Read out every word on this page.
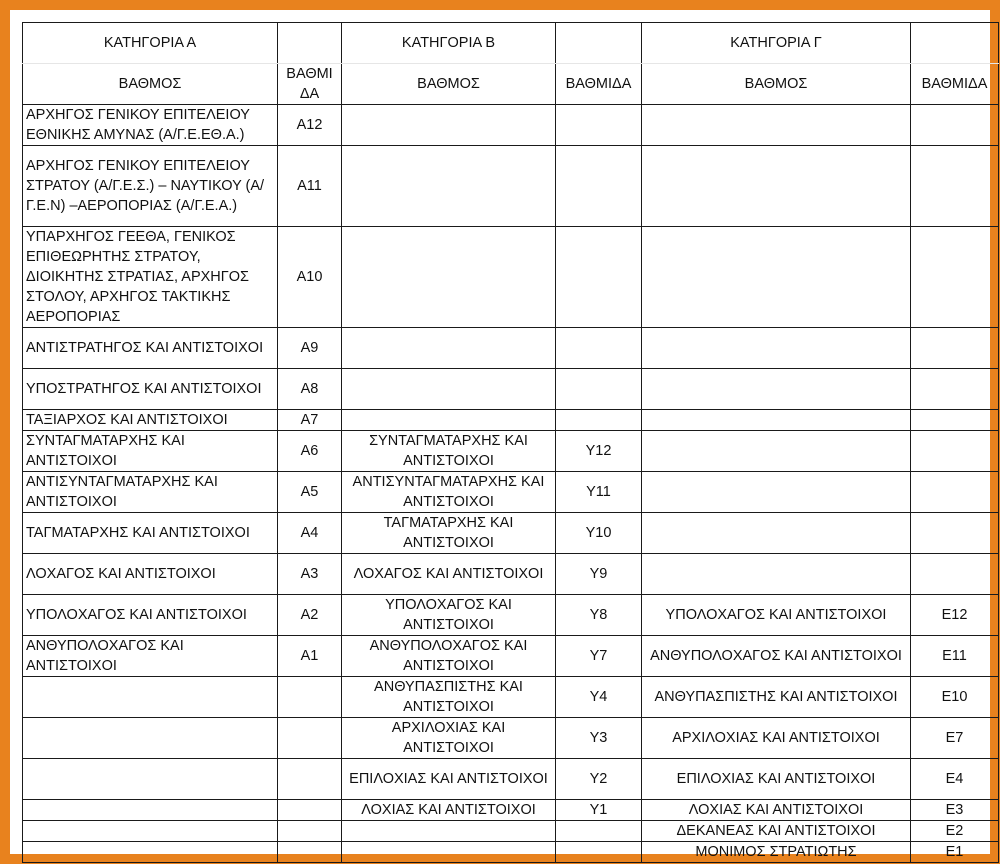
ΚΑΤΗΓΟΡΙΑ Α		ΚΑΤΗΓΟΡΙΑ Β		ΚΑΤΗΓΟΡΙΑ Γ	
ΒΑΘΜΟΣ	ΒΑΘΜΙ ΔΑ	ΒΑΘΜΟΣ	ΒΑΘΜΙΔΑ	ΒΑΘΜΟΣ	ΒΑΘΜΙΔΑ
ΑΡΧΗΓΟΣ ΓΕΝΙΚΟΥ ΕΠΙΤΕΛΕΙΟΥ ΕΘΝΙΚΗΣ ΑΜΥΝΑΣ (Α/Γ.Ε.ΕΘ.Α.)	Α12				
ΑΡΧΗΓΟΣ ΓΕΝΙΚΟΥ ΕΠΙΤΕΛΕΙΟΥ ΣΤΡΑΤΟΥ (Α/Γ.Ε.Σ.) – ΝΑΥΤΙΚΟΥ (Α/Γ.Ε.Ν) –ΑΕΡΟΠΟΡΙΑΣ (Α/Γ.Ε.Α.)	Α11				
ΥΠΑΡΧΗΓΟΣ ΓΕΕΘΑ, ΓΕΝΙΚΟΣ ΕΠΙΘΕΩΡΗΤΗΣ ΣΤΡΑΤΟΥ, ΔΙΟΙΚΗΤΗΣ ΣΤΡΑΤΙΑΣ, ΑΡΧΗΓΟΣ ΣΤΟΛΟΥ, ΑΡΧΗΓΟΣ ΤΑΚΤΙΚΗΣ ΑΕΡΟΠΟΡΙΑΣ	Α10				
ΑΝΤΙΣΤΡΑΤΗΓΟΣ ΚΑΙ ΑΝΤΙΣΤΟΙΧΟΙ	Α9				
ΥΠΟΣΤΡΑΤΗΓΟΣ ΚΑΙ ΑΝΤΙΣΤΟΙΧΟΙ	Α8				
ΤΑΞΙΑΡΧΟΣ ΚΑΙ ΑΝΤΙΣΤΟΙΧΟΙ	Α7				
ΣΥΝΤΑΓΜΑΤΑΡΧΗΣ ΚΑΙ ΑΝΤΙΣΤΟΙΧΟΙ	Α6	ΣΥΝΤΑΓΜΑΤΑΡΧΗΣ ΚΑΙ ΑΝΤΙΣΤΟΙΧΟΙ	Υ12		
ΑΝΤΙΣΥΝΤΑΓΜΑΤΑΡΧΗΣ ΚΑΙ ΑΝΤΙΣΤΟΙΧΟΙ	Α5	ΑΝΤΙΣΥΝΤΑΓΜΑΤΑΡΧΗΣ ΚΑΙ ΑΝΤΙΣΤΟΙΧΟΙ	Υ11		
ΤΑΓΜΑΤΑΡΧΗΣ ΚΑΙ ΑΝΤΙΣΤΟΙΧΟΙ	Α4	ΤΑΓΜΑΤΑΡΧΗΣ ΚΑΙ ΑΝΤΙΣΤΟΙΧΟΙ	Υ10		
ΛΟΧΑΓΟΣ ΚΑΙ ΑΝΤΙΣΤΟΙΧΟΙ	Α3	ΛΟΧΑΓΟΣ ΚΑΙ ΑΝΤΙΣΤΟΙΧΟΙ	Υ9		
ΥΠΟΛΟΧΑΓΟΣ ΚΑΙ ΑΝΤΙΣΤΟΙΧΟΙ	Α2	ΥΠΟΛΟΧΑΓΟΣ ΚΑΙ ΑΝΤΙΣΤΟΙΧΟΙ	Υ8	ΥΠΟΛΟΧΑΓΟΣ ΚΑΙ ΑΝΤΙΣΤΟΙΧΟΙ	Ε12
ΑΝΘΥΠΟΛΟΧΑΓΟΣ ΚΑΙ ΑΝΤΙΣΤΟΙΧΟΙ	Α1	ΑΝΘΥΠΟΛΟΧΑΓΟΣ ΚΑΙ ΑΝΤΙΣΤΟΙΧΟΙ	Υ7	ΑΝΘΥΠΟΛΟΧΑΓΟΣ ΚΑΙ ΑΝΤΙΣΤΟΙΧΟΙ	Ε11
		ΑΝΘΥΠΑΣΠΙΣΤΗΣ ΚΑΙ ΑΝΤΙΣΤΟΙΧΟΙ	Υ4	ΑΝΘΥΠΑΣΠΙΣΤΗΣ ΚΑΙ ΑΝΤΙΣΤΟΙΧΟΙ	Ε10
		ΑΡΧΙΛΟΧΙΑΣ ΚΑΙ ΑΝΤΙΣΤΟΙΧΟΙ	Υ3	ΑΡΧΙΛΟΧΙΑΣ ΚΑΙ ΑΝΤΙΣΤΟΙΧΟΙ	Ε7
		ΕΠΙΛΟΧΙΑΣ ΚΑΙ ΑΝΤΙΣΤΟΙΧΟΙ	Υ2	ΕΠΙΛΟΧΙΑΣ ΚΑΙ ΑΝΤΙΣΤΟΙΧΟΙ	Ε4
		ΛΟΧΙΑΣ ΚΑΙ ΑΝΤΙΣΤΟΙΧΟΙ	Υ1	ΛΟΧΙΑΣ ΚΑΙ ΑΝΤΙΣΤΟΙΧΟΙ	Ε3
				ΔΕΚΑΝΕΑΣ ΚΑΙ ΑΝΤΙΣΤΟΙΧΟΙ	Ε2
				ΜΟΝΙΜΟΣ ΣΤΡΑΤΙΩΤΗΣ	Ε1
